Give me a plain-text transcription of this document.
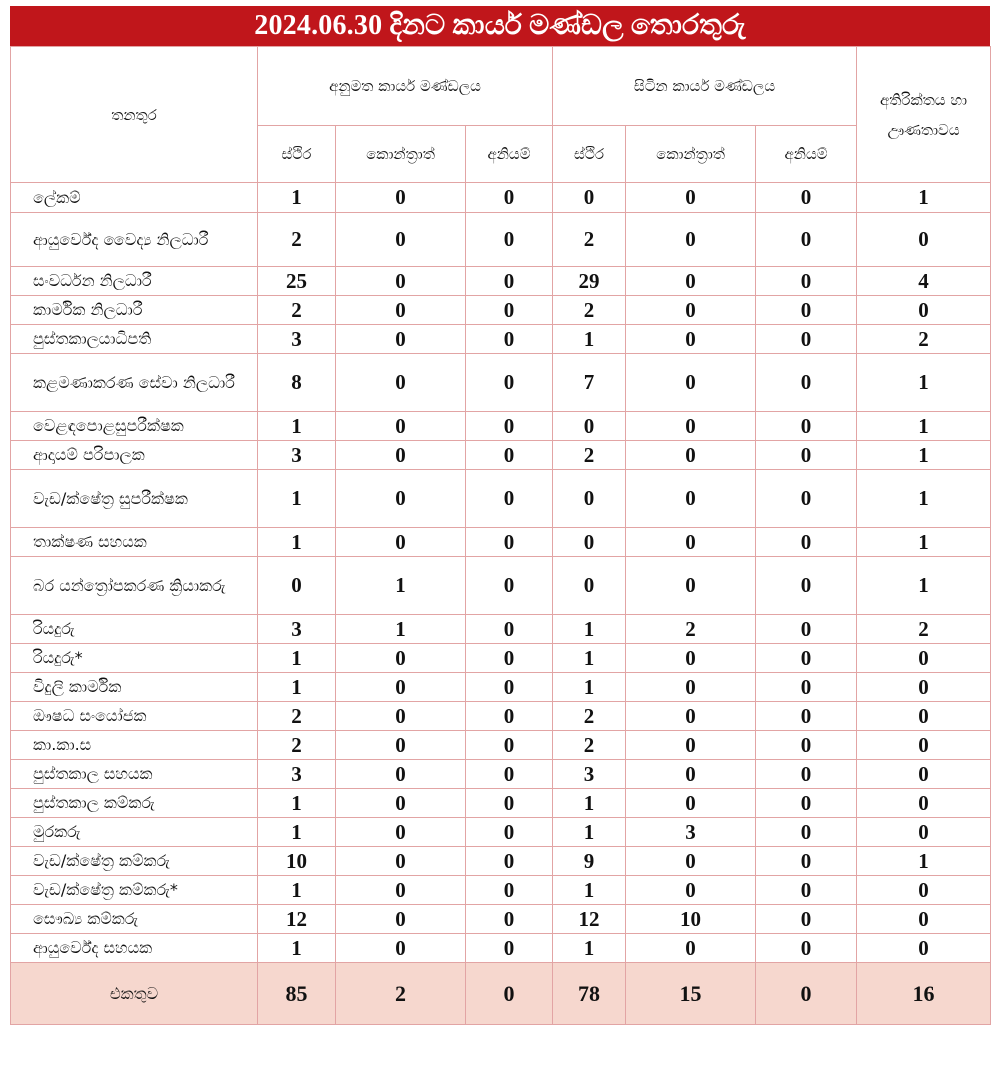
2024.06.30 දිනට කාර්ය මණ්ඩල තොරතුරු
තනතුර	අනුමත කාර්ය මණ්ඩලය			සිටින කාර්ය මණ්ඩලය			අතිරික්තය හා ඌණතාවය
	ස්ථිර	කොන්ත්‍රාත්	අනියම්	ස්ථිර	කොන්ත්‍රාත්	අනියම්	
ලේකම්	1	0	0	0	0	0	1
ආයුර්වේද වෛද්‍ය නිලධාරී	2	0	0	2	0	0	0
සංවර්ධන නිලධාරී	25	0	0	29	0	0	4
කාර්මික නිලධාරී	2	0	0	2	0	0	0
පුස්තකාලයාධිපති	3	0	0	1	0	0	2
කළමණාකරණ සේවා නිලධාරී	8	0	0	7	0	0	1
වෙළඳපොළසුපරීක්ෂක	1	0	0	0	0	0	1
ආදායම් පරිපාලක	3	0	0	2	0	0	1
වැඩ/ක්ෂේත්‍ර සුපරීක්ෂක	1	0	0	0	0	0	1
තාක්ෂණ සහයක	1	0	0	0	0	0	1
බර යන්ත්‍රෝපකරණ ක්‍රියාකරු	0	1	0	0	0	0	1
රියදුරු	3	1	0	1	2	0	2
රියදුරු*	1	0	0	1	0	0	0
විදුලි කාර්මික	1	0	0	1	0	0	0
ඖෂධ සංයෝජක	2	0	0	2	0	0	0
කා.කා.ස	2	0	0	2	0	0	0
පුස්තකාල සහයක	3	0	0	3	0	0	0
පුස්තකාල කම්කරු	1	0	0	1	0	0	0
මුරකරු	1	0	0	1	3	0	0
වැඩ/ක්ෂේත්‍ර කම්කරු	10	0	0	9	0	0	1
වැඩ/ක්ෂේත්‍ර කම්කරු*	1	0	0	1	0	0	0
සෞඛ්‍ය කම්කරු	12	0	0	12	10	0	0
ආයුර්වේද සහයක	1	0	0	1	0	0	0
එකතුව	85	2	0	78	15	0	16
